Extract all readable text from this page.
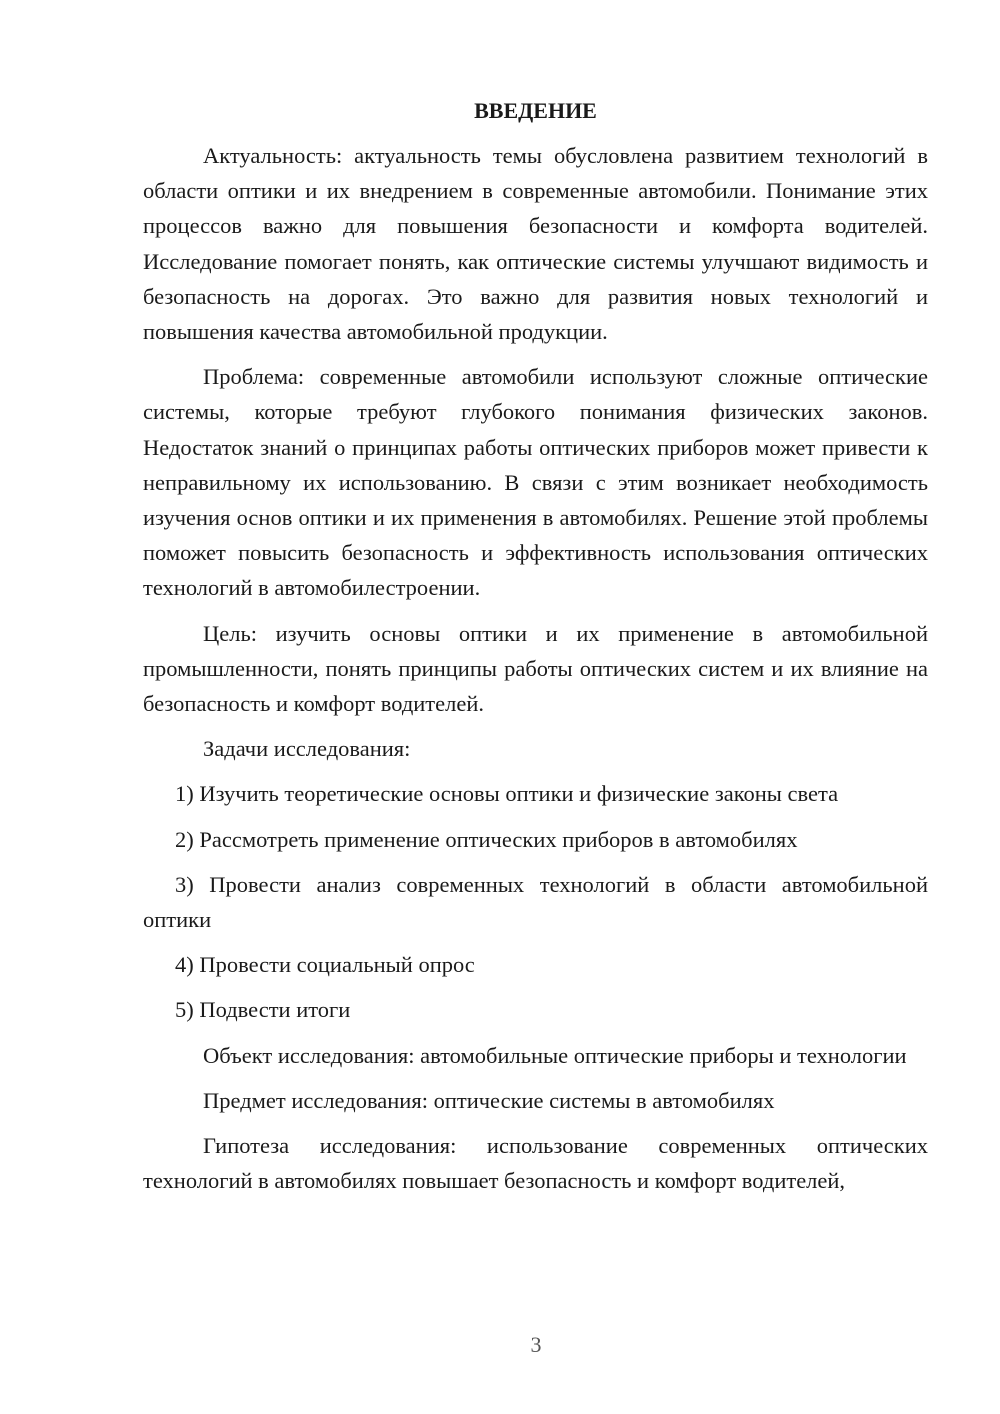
ВВЕДЕНИЕ

Актуальность: актуальность темы обусловлена развитием технологий в области оптики и их внедрением в современные автомобили. Понимание этих процессов важно для повышения безопасности и комфорта водителей. Исследование помогает понять, как оптические системы улучшают видимость и безопасность на дорогах. Это важно для развития новых технологий и повышения качества автомобильной продукции.

Проблема: современные автомобили используют сложные оптические системы, которые требуют глубокого понимания физических законов. Недостаток знаний о принципах работы оптических приборов может привести к неправильному их использованию. В связи с этим возникает необходимость изучения основ оптики и их применения в автомобилях. Решение этой проблемы поможет повысить безопасность и эффективность использования оптических технологий в автомобилестроении.

Цель: изучить основы оптики и их применение в автомобильной промышленности, понять принципы работы оптических систем и их влияние на безопасность и комфорт водителей.

Задачи исследования:

1) Изучить теоретические основы оптики и физические законы света

2) Рассмотреть применение оптических приборов в автомобилях

3) Провести анализ современных технологий в области автомобильной оптики

4) Провести социальный опрос

5) Подвести итоги

Объект исследования: автомобильные оптические приборы и технологии

Предмет исследования: оптические системы в автомобилях

Гипотеза исследования: использование современных оптических технологий в автомобилях повышает безопасность и комфорт водителей,

3
